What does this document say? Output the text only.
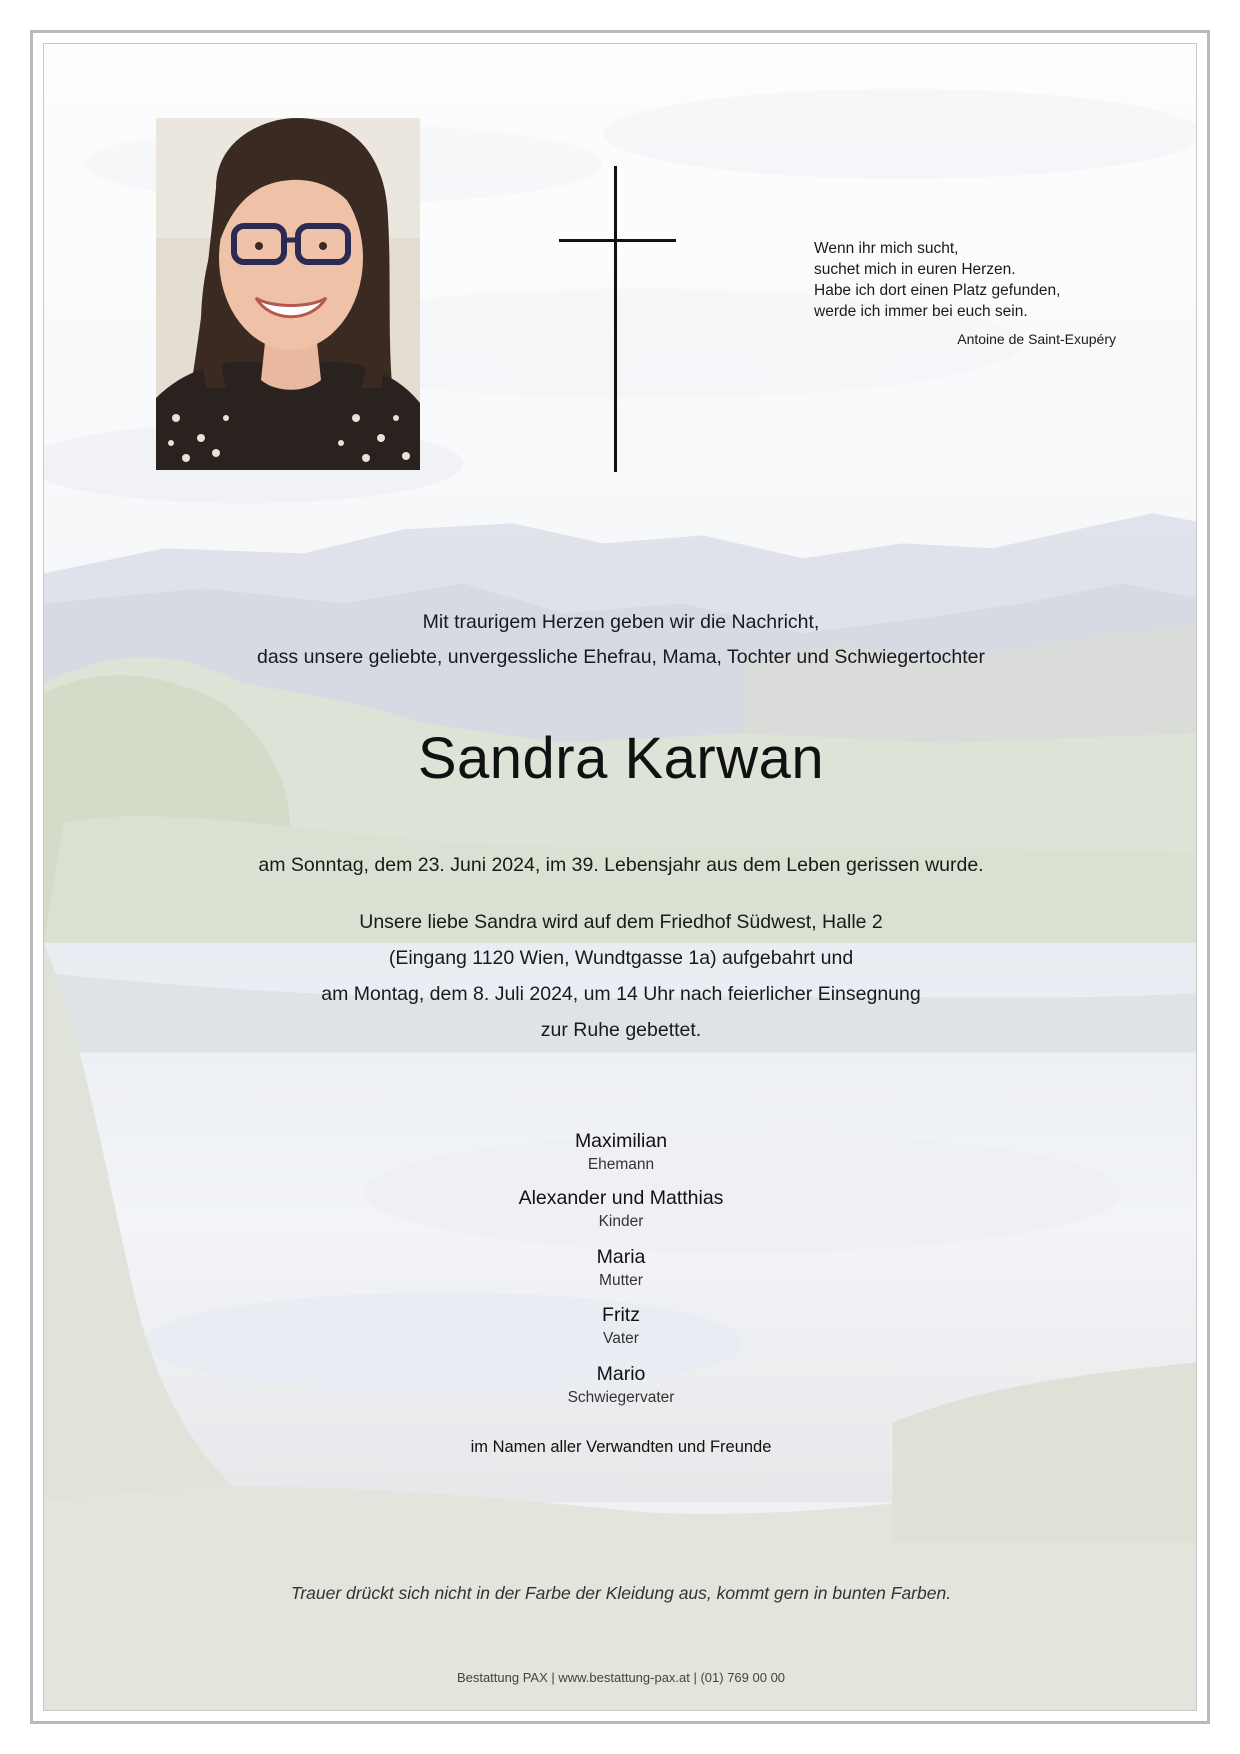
Wenn ihr mich sucht,
suchet mich in euren Herzen.
Habe ich dort einen Platz gefunden,
werde ich immer bei euch sein.
Antoine de Saint-Exupéry
Mit traurigem Herzen geben wir die Nachricht,
dass unsere geliebte, unvergessliche Ehefrau, Mama, Tochter und Schwiegertochter
Sandra Karwan
am Sonntag, dem 23. Juni 2024, im 39. Lebensjahr aus dem Leben gerissen wurde.
Unsere liebe Sandra wird auf dem Friedhof Südwest, Halle 2
(Eingang 1120 Wien, Wundtgasse 1a) aufgebahrt und
am Montag, dem 8. Juli 2024, um 14 Uhr nach feierlicher Einsegnung
zur Ruhe gebettet.
Maximilian
Ehemann
Alexander und Matthias
Kinder
Maria
Mutter
Fritz
Vater
Mario
Schwiegervater
im Namen aller Verwandten und Freunde
Trauer drückt sich nicht in der Farbe der Kleidung aus, kommt gern in bunten Farben.
Bestattung PAX | www.bestattung-pax.at | (01) 769 00 00
